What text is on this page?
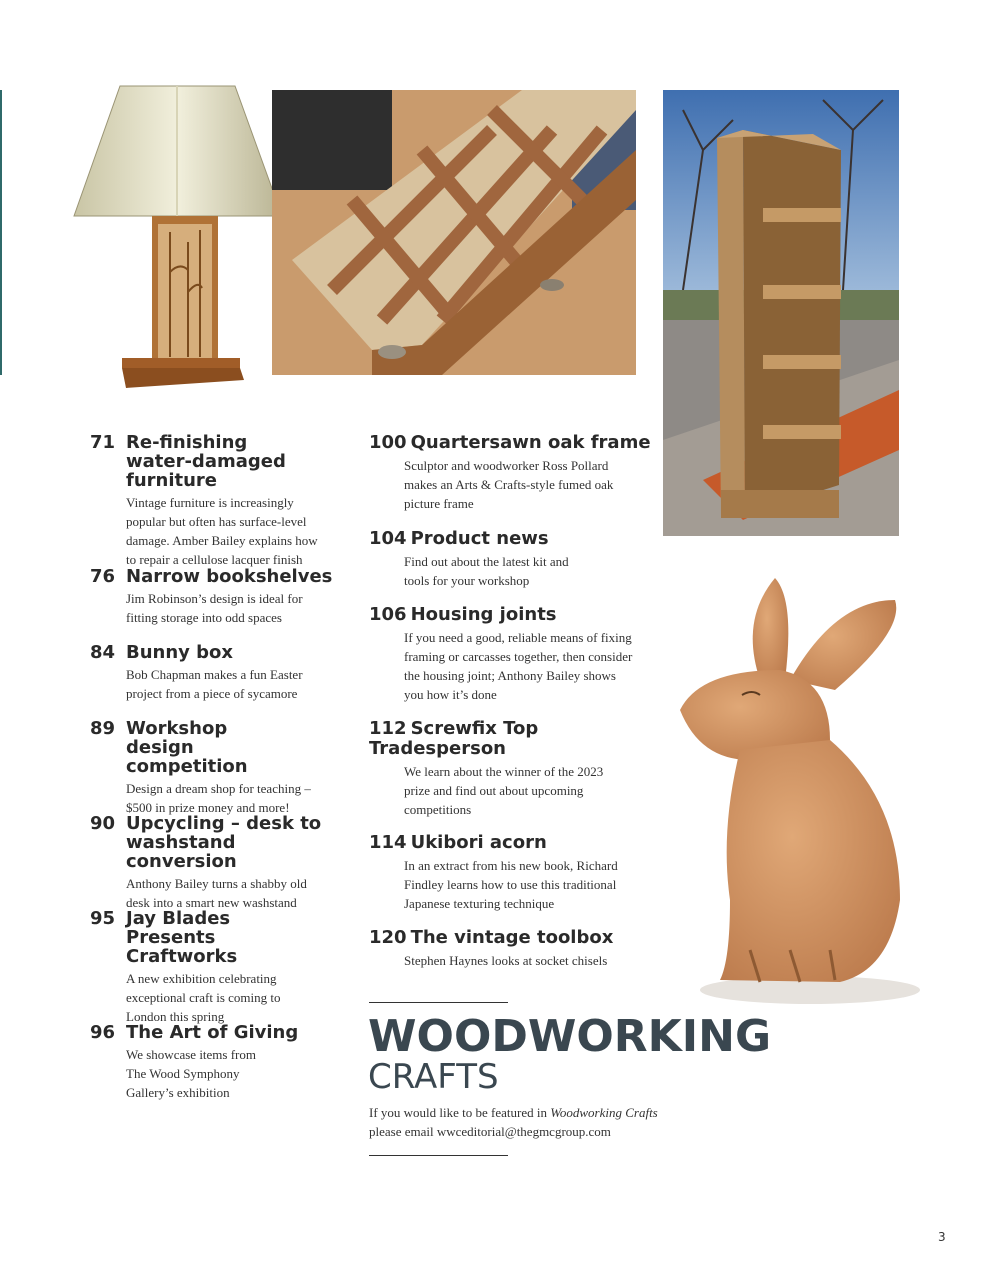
71 Re-finishing water-damaged furniture

Vintage furniture is increasingly popular but often has surface-level damage. Amber Bailey explains how to repair a cellulose lacquer finish
76 Narrow bookshelves

Jim Robinson’s design is ideal for fitting storage into odd spaces
84 Bunny box

Bob Chapman makes a fun Easter project from a piece of sycamore
89 Workshop design competition

Design a dream shop for teaching – $500 in prize money and more!
90 Upcycling – desk to washstand conversion

Anthony Bailey turns a shabby old desk into a smart new washstand
95 Jay Blades Presents Craftworks

A new exhibition celebrating exceptional craft is coming to London this spring
96 The Art of Giving

We showcase items from The Wood Symphony Gallery’s exhibition
100 Quartersawn oak frame

Sculptor and woodworker Ross Pollard makes an Arts & Crafts-style fumed oak picture frame
104 Product news

Find out about the latest kit and tools for your workshop
106 Housing joints

If you need a good, reliable means of fixing framing or carcasses together, then consider the housing joint; Anthony Bailey shows you how it’s done
112 Screwfix Top Tradesperson

We learn about the winner of the 2023 prize and find out about upcoming competitions
114 Ukibori acorn

In an extract from his new book, Richard Findley learns how to use this traditional Japanese texturing technique
120 The vintage toolbox

Stephen Haynes looks at socket chisels
WOODWORKING
CRAFTS
If you would like to be featured in Woodworking Crafts
please email wwceditorial@thegmcgroup.com
3
